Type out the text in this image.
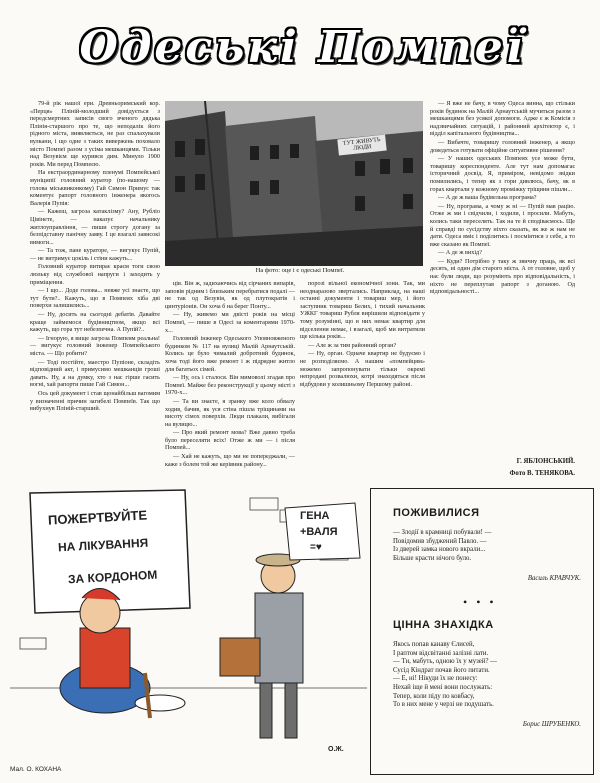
Одеські Помпеї

79-й рік нашої ери. Древньоримський кор. «Перця» Пліній-молодший довідується з передсмертних записів свого вченого дядька Плінія-старшого про те, що неподалік його рідного міста, виявляється, не раз спалахували вулкани, і що одне з таких вивержень поховало місто Помпеї разом з усіма мешканцями. Тільки над Везувієм ще курився дим. Минуло 1900 років. Ми перед Помпеєю.

На екстраординарному пленумі Помпейської муніципії головний куратор (по-нашому — голова міськвиконкому) Гай Симон Примус так коментує рапорт головного інженера якогось Валерія Пупія:

— Кажеш, загроза катаклізму? Ану, Рубліо Цівінете, — наказує начальнику житлоуправління, — пиши строгу догану за безпідставну панічну заяву. І це взагалі зависокі вимоги...

— Та тож, пане кураторе, — вигукує Пупій, — не витримує цокіль і стіни кажуть...

Головний куратор витирає краєм тоги свою люльку від службової напруги і заходить у приміщення.

— І що... Доде голова... невже усі знаєте, що тут бути?.. Кажуть, що в Помпеях хіба дві поверхи залишились...

— Ну, досить на сьогодні дебатів. Давайте краще займемося будівництвом, якщо всі кажуть, що гора тут небезпечна. А Пупій?..

— Ігнорую, я вище загроза Помпеям реальна! — вигукує головний інженер Помпейського міста. — Що робити?

— Тоді постійте, маестро Пупіоне, складіть відповідний акт, і примусимо мешканців гроші давать. Ну, а на думку, хто з нас гірше гасить вогні, хай рапорти пише Гай Симон...

Ось цей документ і став щонайбільш вагомим у визначенні причин загибелі Помпеїв. Так що вибухнув Пліній-старший.

ТУТ ЖИВУТЬ ЛЮДИ
На фото: оце і є одеські Помпеї.

ців. Він ж, задихаючись від сірчаних випарів, заповів рідним і близьким перебратися подалі — не так од Везувія, як од плутократів і цинтуріонів. Он хоча б на берег Понту...

— Ну, живемо ми двісті років на місці Помпеї, — пише в Одесі за коментарями 1970-х...

Головний інженер Одеського Уповновженого будинком № 117 на вулиці Малій Арнаутській. Колись це було чималий добротний будинок, хоча тоді його вже ремонт і ж підрядне житло для багатьох сімей.

— Ну, ось і сталося. Він мимоволі згадав про Помпеї. Майже без реконструкції у цьому місті з 1970-х...

— Та ви знаєте, я зранку вже коло обвалу ходив, бачив, як уся стіна пішла тріщинами на висоту сімох поверхів. Люди плакали, вибігали на вулицю...

— Про який ремонт мова? Вже давно треба було переселяти всіх! Отже ж ми — і після Помпей...

— Хай не кажуть, що ми не попереджали, — каже з болем той же керівник району...

порозі вільної економічної зони. Так, ми неоднаразово звертались. Наприклад, на наші останні документи і товариш мер, і його заступник товариш Белих, і тихий начальник УЖКГ товариш Рубля вирішили відповідати у тому розумінні, що в них немає квартир для відселення немає, і взагалі, щоб ми витратили ще кілька років...

— Але ж за тим районний орган?

— Ну, орган. Одначе квартир не будуємо і не розподіляємо. А нашим «помпейцям» можемо запропонувати тільки окремі непродані розвалюхи, котрі знаходяться після відбудови у колишньому Першому районі.

— Я вже не бачу, в чому Одеса винна, що стільки років будинок на Малій Арнаутській мучиться разом з мешканцями без усякої допомоги. Адже є ж Комісія з надзвичайних ситуацій, і районний архітектор є, і відділ капітального будівництва...

— Вибачте, товаришу головний інженер, а якщо доведеться готувати офіційне ситуативне рішення?

— У наших одеських Помпеях усе може бути, товаришу кореспонденте. Але тут нам допомагає історичний досвід. Я, приміром, невідомо звідки помилились, і тепер як з гори дивлюсь, бачу, як в горах квартали у кожному проміжку тріщини пішли...

— А де ж ваша будівельна програма?

— Ну, програма, а чому ж ні — Пупій мав рацію. Отже ж ми і свідчили, і ходили, і просили. Мабуть, колись таки переселять. Так на те й сподіваємось. Ще й справді по сусідству ніхто сказать, як же ж нам не дати. Одеса вміє і поділитись і посміятися з себе, а то вже сказано як Помпеї.

— А де ж вихід?

— Куди? Потрібно у таку ж звичну праць, як всі десять, ні один дім старого міста. А от головне, щоб у нас були люди, що розуміють про відповідальність, і ніхто не переплутав рапорт з доганою. Од відповідальності...

Г. ЯБЛОНСЬКИЙ.
Фото В. ТЕНЯКОВА.
ПОЖЕРТВУЙТЕ
НА ЛІКУВАННЯ
ЗА КОРДОНОМ
ГЕНА
+ВАЛЯ
=♥
О.Ж.
Мал. О. КОХАНА
ПОЖИВИЛИСЯ
— Злодії в крамниці побували! —
Повідомив збуджений Павло. —
Із дверей замка нового вкрали...
Більше красти нічого було.
Василь КРАВЧУК.
• • •
ЦІННА ЗНАХІДКА
Якось попав канаву Єлисей,
І раптом відсвітанні залізні лати.
— Ти, мабуть, одною їх у музей? —
Сусід Кіндрат почав його питати.
— Е, ні! Нікуди їх не понесу:
Нехай іще й мені вони послужать:
Тепер, коли піду по ковбасу,
То в них мене у черзі не подушать.
Борис ШРУБЕНКО.
